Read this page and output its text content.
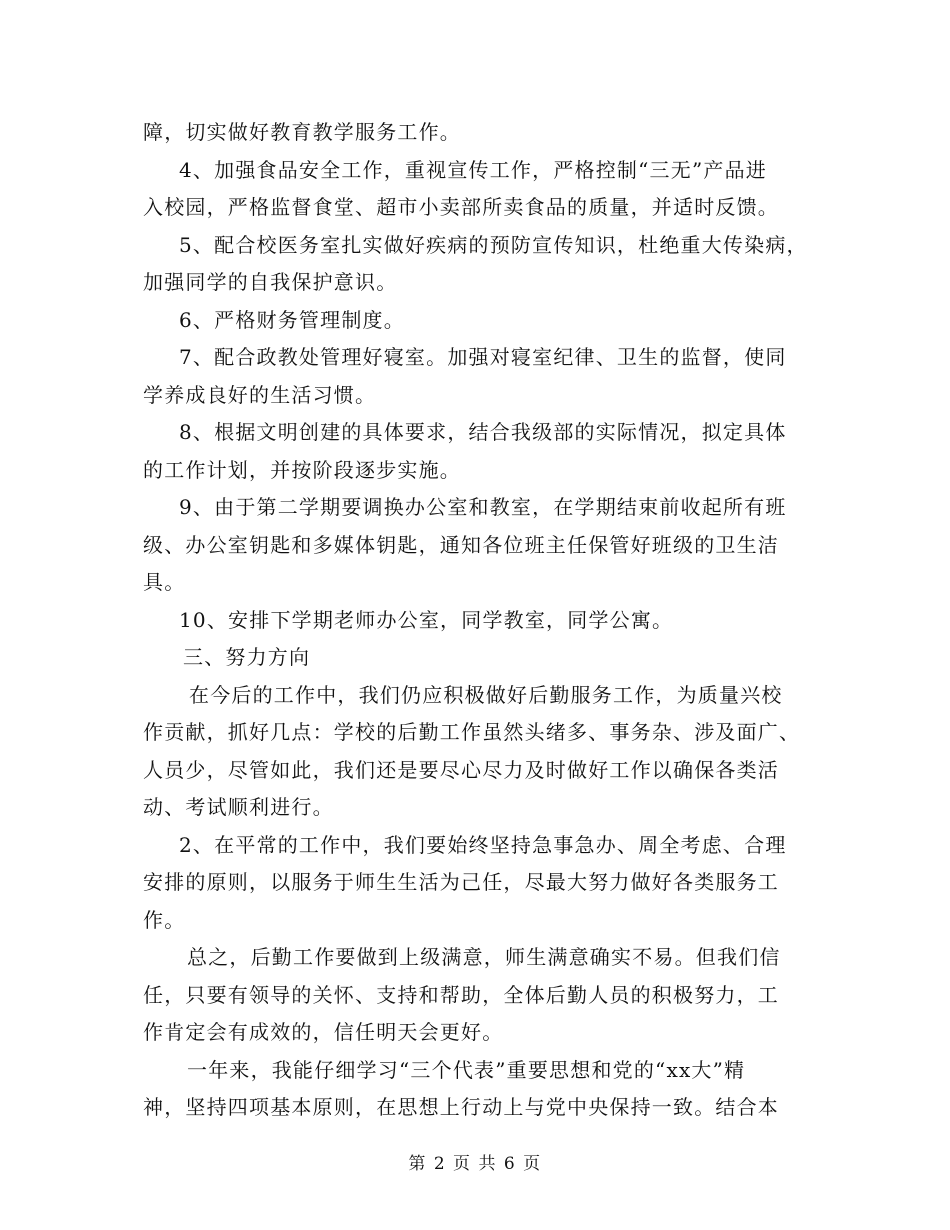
障，切实做好教育教学服务工作。
4、加强食品安全工作，重视宣传工作，严格控制“三无”产品进
入校园，严格监督食堂、超市小卖部所卖食品的质量，并适时反馈。
5、配合校医务室扎实做好疾病的预防宣传知识，杜绝重大传染病，
加强同学的自我保护意识。
6、严格财务管理制度。
7、配合政教处管理好寝室。加强对寝室纪律、卫生的监督，使同
学养成良好的生活习惯。
8、根据文明创建的具体要求，结合我级部的实际情况，拟定具体
的工作计划，并按阶段逐步实施。
9、由于第二学期要调换办公室和教室，在学期结束前收起所有班
级、办公室钥匙和多媒体钥匙，通知各位班主任保管好班级的卫生洁
具。
10、安排下学期老师办公室，同学教室，同学公寓。
三、努力方向
在今后的工作中，我们仍应积极做好后勤服务工作，为质量兴校
作贡献，抓好几点：学校的后勤工作虽然头绪多、事务杂、涉及面广、
人员少，尽管如此，我们还是要尽心尽力及时做好工作以确保各类活
动、考试顺利进行。
2、在平常的工作中，我们要始终坚持急事急办、周全考虑、合理
安排的原则，以服务于师生生活为己任，尽最大努力做好各类服务工
作。
总之，后勤工作要做到上级满意，师生满意确实不易。但我们信
任，只要有领导的关怀、支持和帮助，全体后勤人员的积极努力，工
作肯定会有成效的，信任明天会更好。
一年来，我能仔细学习“三个代表”重要思想和党的“xx大”精
神，坚持四项基本原则，在思想上行动上与党中央保持一致。结合本
第 2 页 共 6 页
